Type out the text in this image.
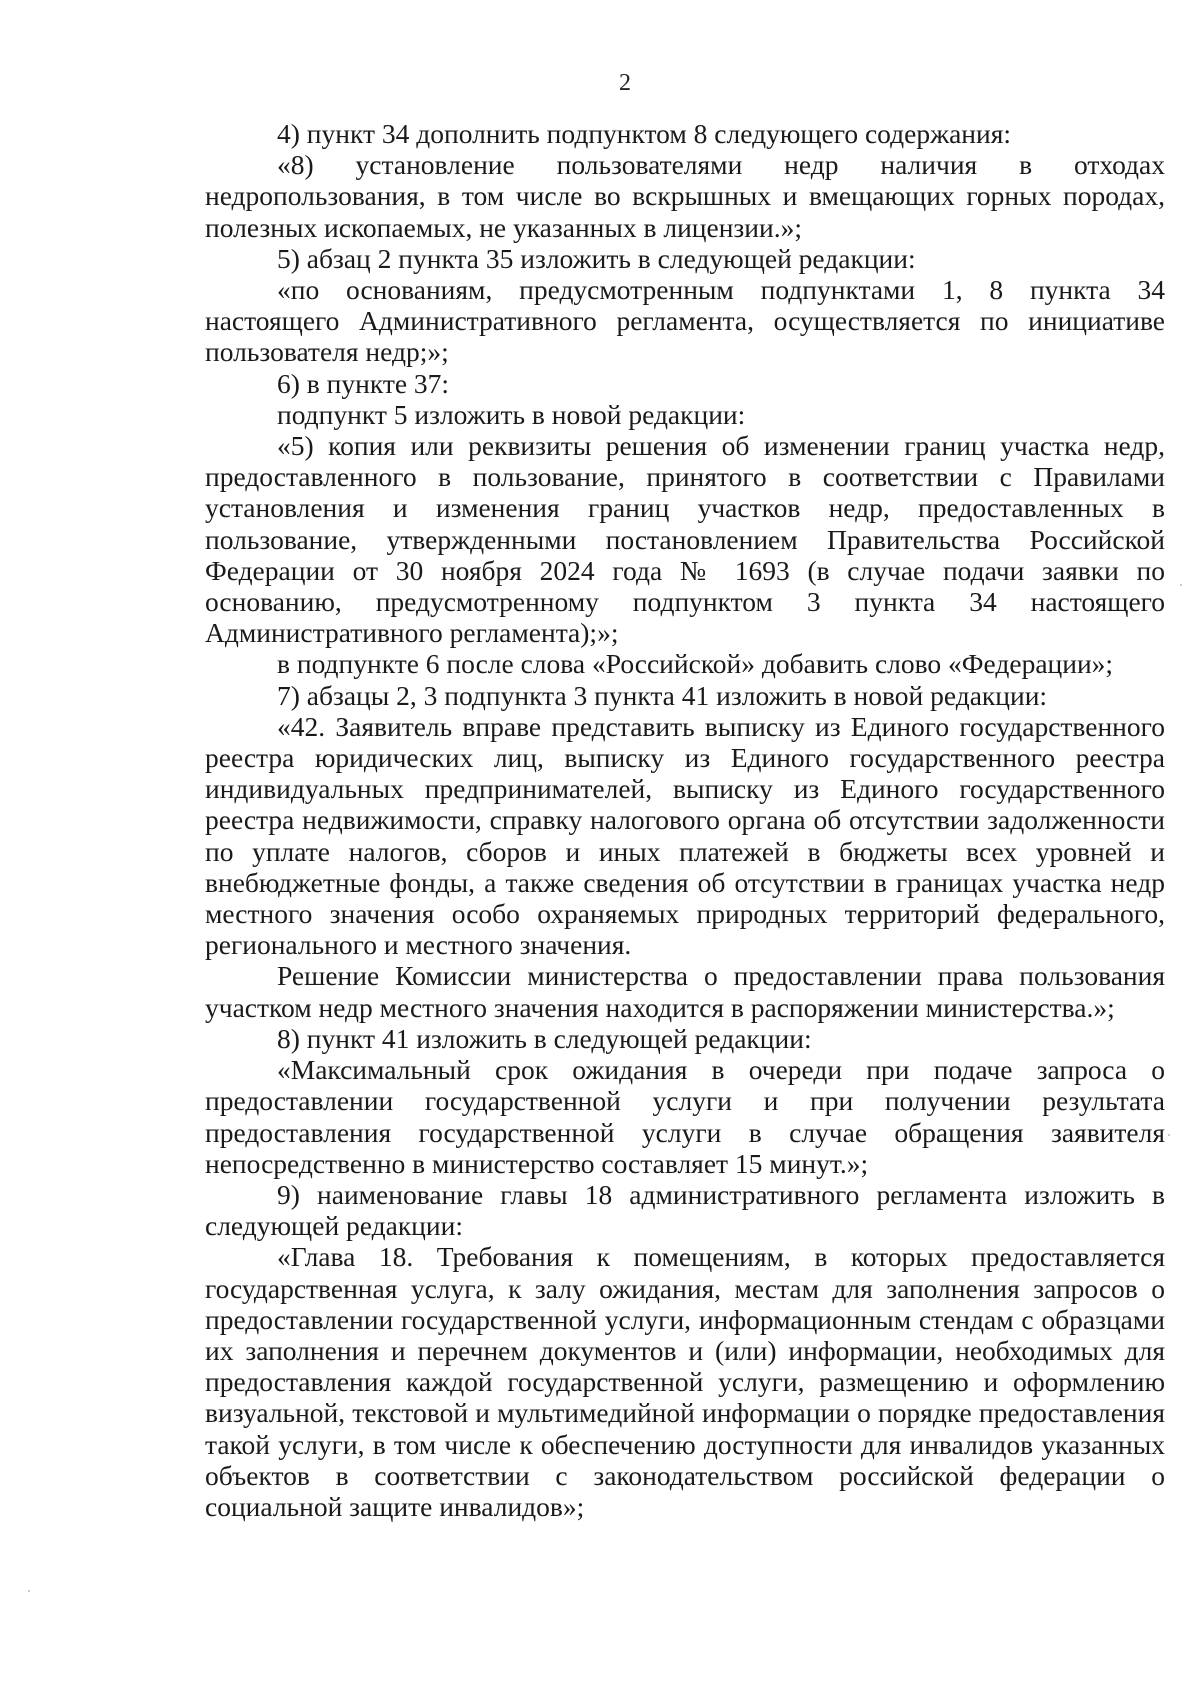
2

4) пункт 34 дополнить подпунктом 8 следующего содержания:

«8) установление пользователями недр наличия в отходах недропользования, в том числе во вскрышных и вмещающих горных породах, полезных ископаемых, не указанных в лицензии.»;

5) абзац 2 пункта 35 изложить в следующей редакции:

«по основаниям, предусмотренным подпунктами 1, 8 пункта 34 настоящего Административного регламента, осуществляется по инициативе пользователя недр;»;

6) в пункте 37:

подпункт 5 изложить в новой редакции:

«5) копия или реквизиты решения об изменении границ участка недр, предоставленного в пользование, принятого в соответствии с Правилами установления и изменения границ участков недр, предоставленных в пользование, утвержденными постановлением Правительства Российской Федерации от 30 ноября 2024 года № 1693 (в случае подачи заявки по основанию, предусмотренному подпунктом 3 пункта 34 настоящего Административного регламента);»;

в подпункте 6 после слова «Российской» добавить слово «Федерации»;

7) абзацы 2, 3 подпункта 3 пункта 41 изложить в новой редакции:

«42. Заявитель вправе представить выписку из Единого государственного реестра юридических лиц, выписку из Единого государственного реестра индивидуальных предпринимателей, выписку из Единого государственного реестра недвижимости, справку налогового органа об отсутствии задолженности по уплате налогов, сборов и иных платежей в бюджеты всех уровней и внебюджетные фонды, а также сведения об отсутствии в границах участка недр местного значения особо охраняемых природных территорий федерального, регионального и местного значения.

Решение Комиссии министерства о предоставлении права пользования участком недр местного значения находится в распоряжении министерства.»;

8) пункт 41 изложить в следующей редакции:

«Максимальный срок ожидания в очереди при подаче запроса о предоставлении государственной услуги и при получении результата предоставления государственной услуги в случае обращения заявителя непосредственно в министерство составляет 15 минут.»;

9) наименование главы 18 административного регламента изложить в следующей редакции:

«Глава 18. Требования к помещениям, в которых предоставляется государственная услуга, к залу ожидания, местам для заполнения запросов о предоставлении государственной услуги, информационным стендам с образцами их заполнения и перечнем документов и (или) информации, необходимых для предоставления каждой государственной услуги, размещению и оформлению визуальной, текстовой и мультимедийной информации о порядке предоставления такой услуги, в том числе к обеспечению доступности для инвалидов указанных объектов в соответствии с законодательством российской федерации о социальной защите инвалидов»;
